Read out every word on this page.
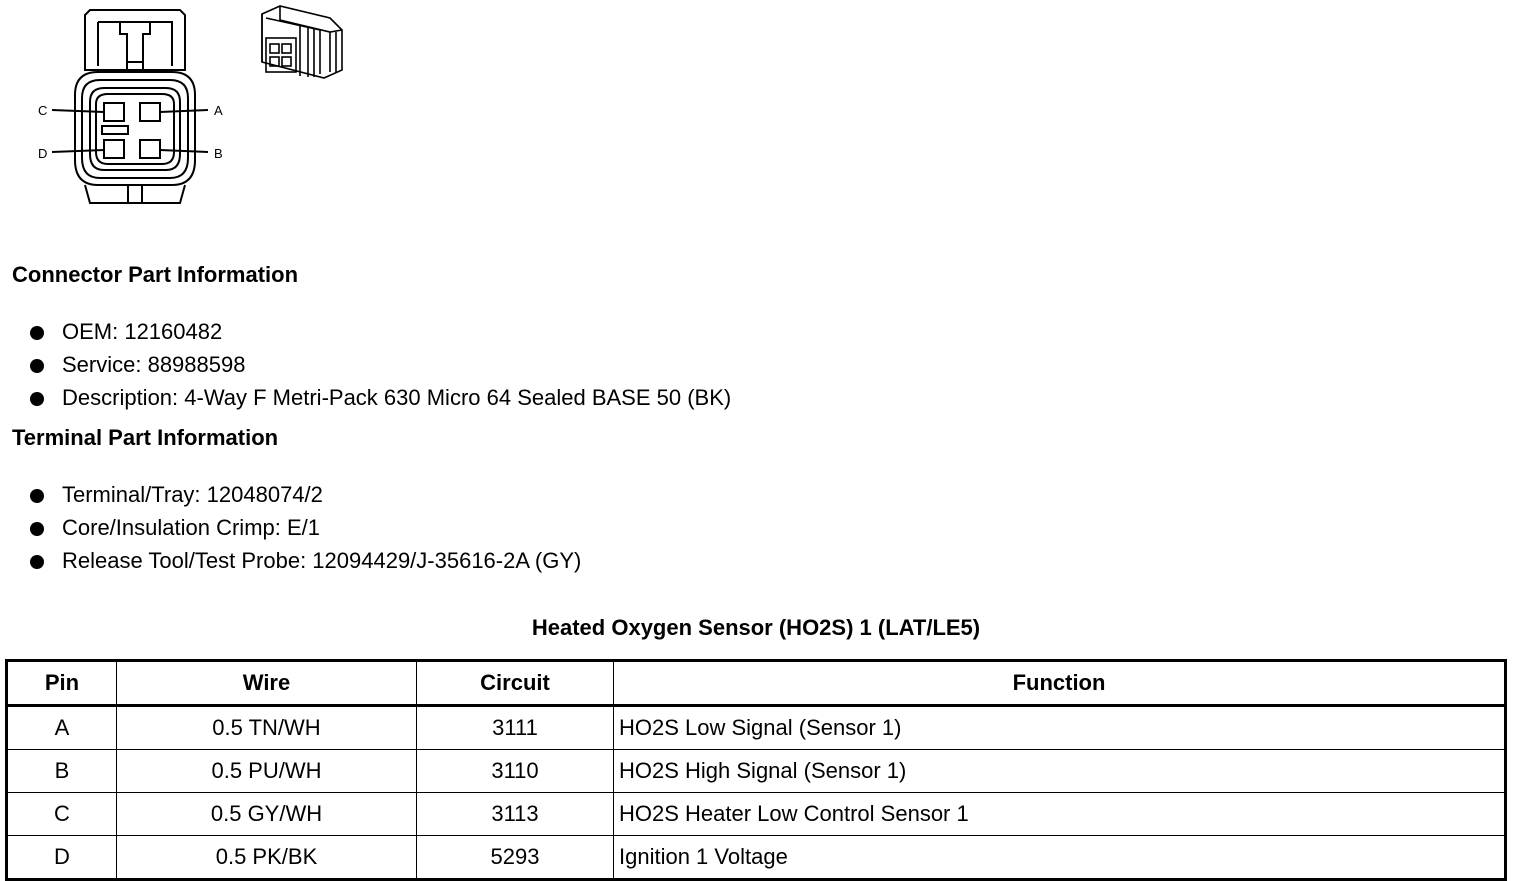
C	A
D	B
Connector Part Information
OEM: 12160482
Service: 88988598
Description: 4-Way F Metri-Pack 630 Micro 64 Sealed BASE 50 (BK)
Terminal Part Information
Terminal/Tray: 12048074/2
Core/Insulation Crimp: E/1
Release Tool/Test Probe: 12094429/J-35616-2A (GY)
Heated Oxygen Sensor (HO2S) 1 (LAT/LE5)
Pin	Wire	Circuit	Function
A	0.5 TN/WH	3111	HO2S Low Signal (Sensor 1)
B	0.5 PU/WH	3110	HO2S High Signal (Sensor 1)
C	0.5 GY/WH	3113	HO2S Heater Low Control Sensor 1
D	0.5 PK/BK	5293	Ignition 1 Voltage
